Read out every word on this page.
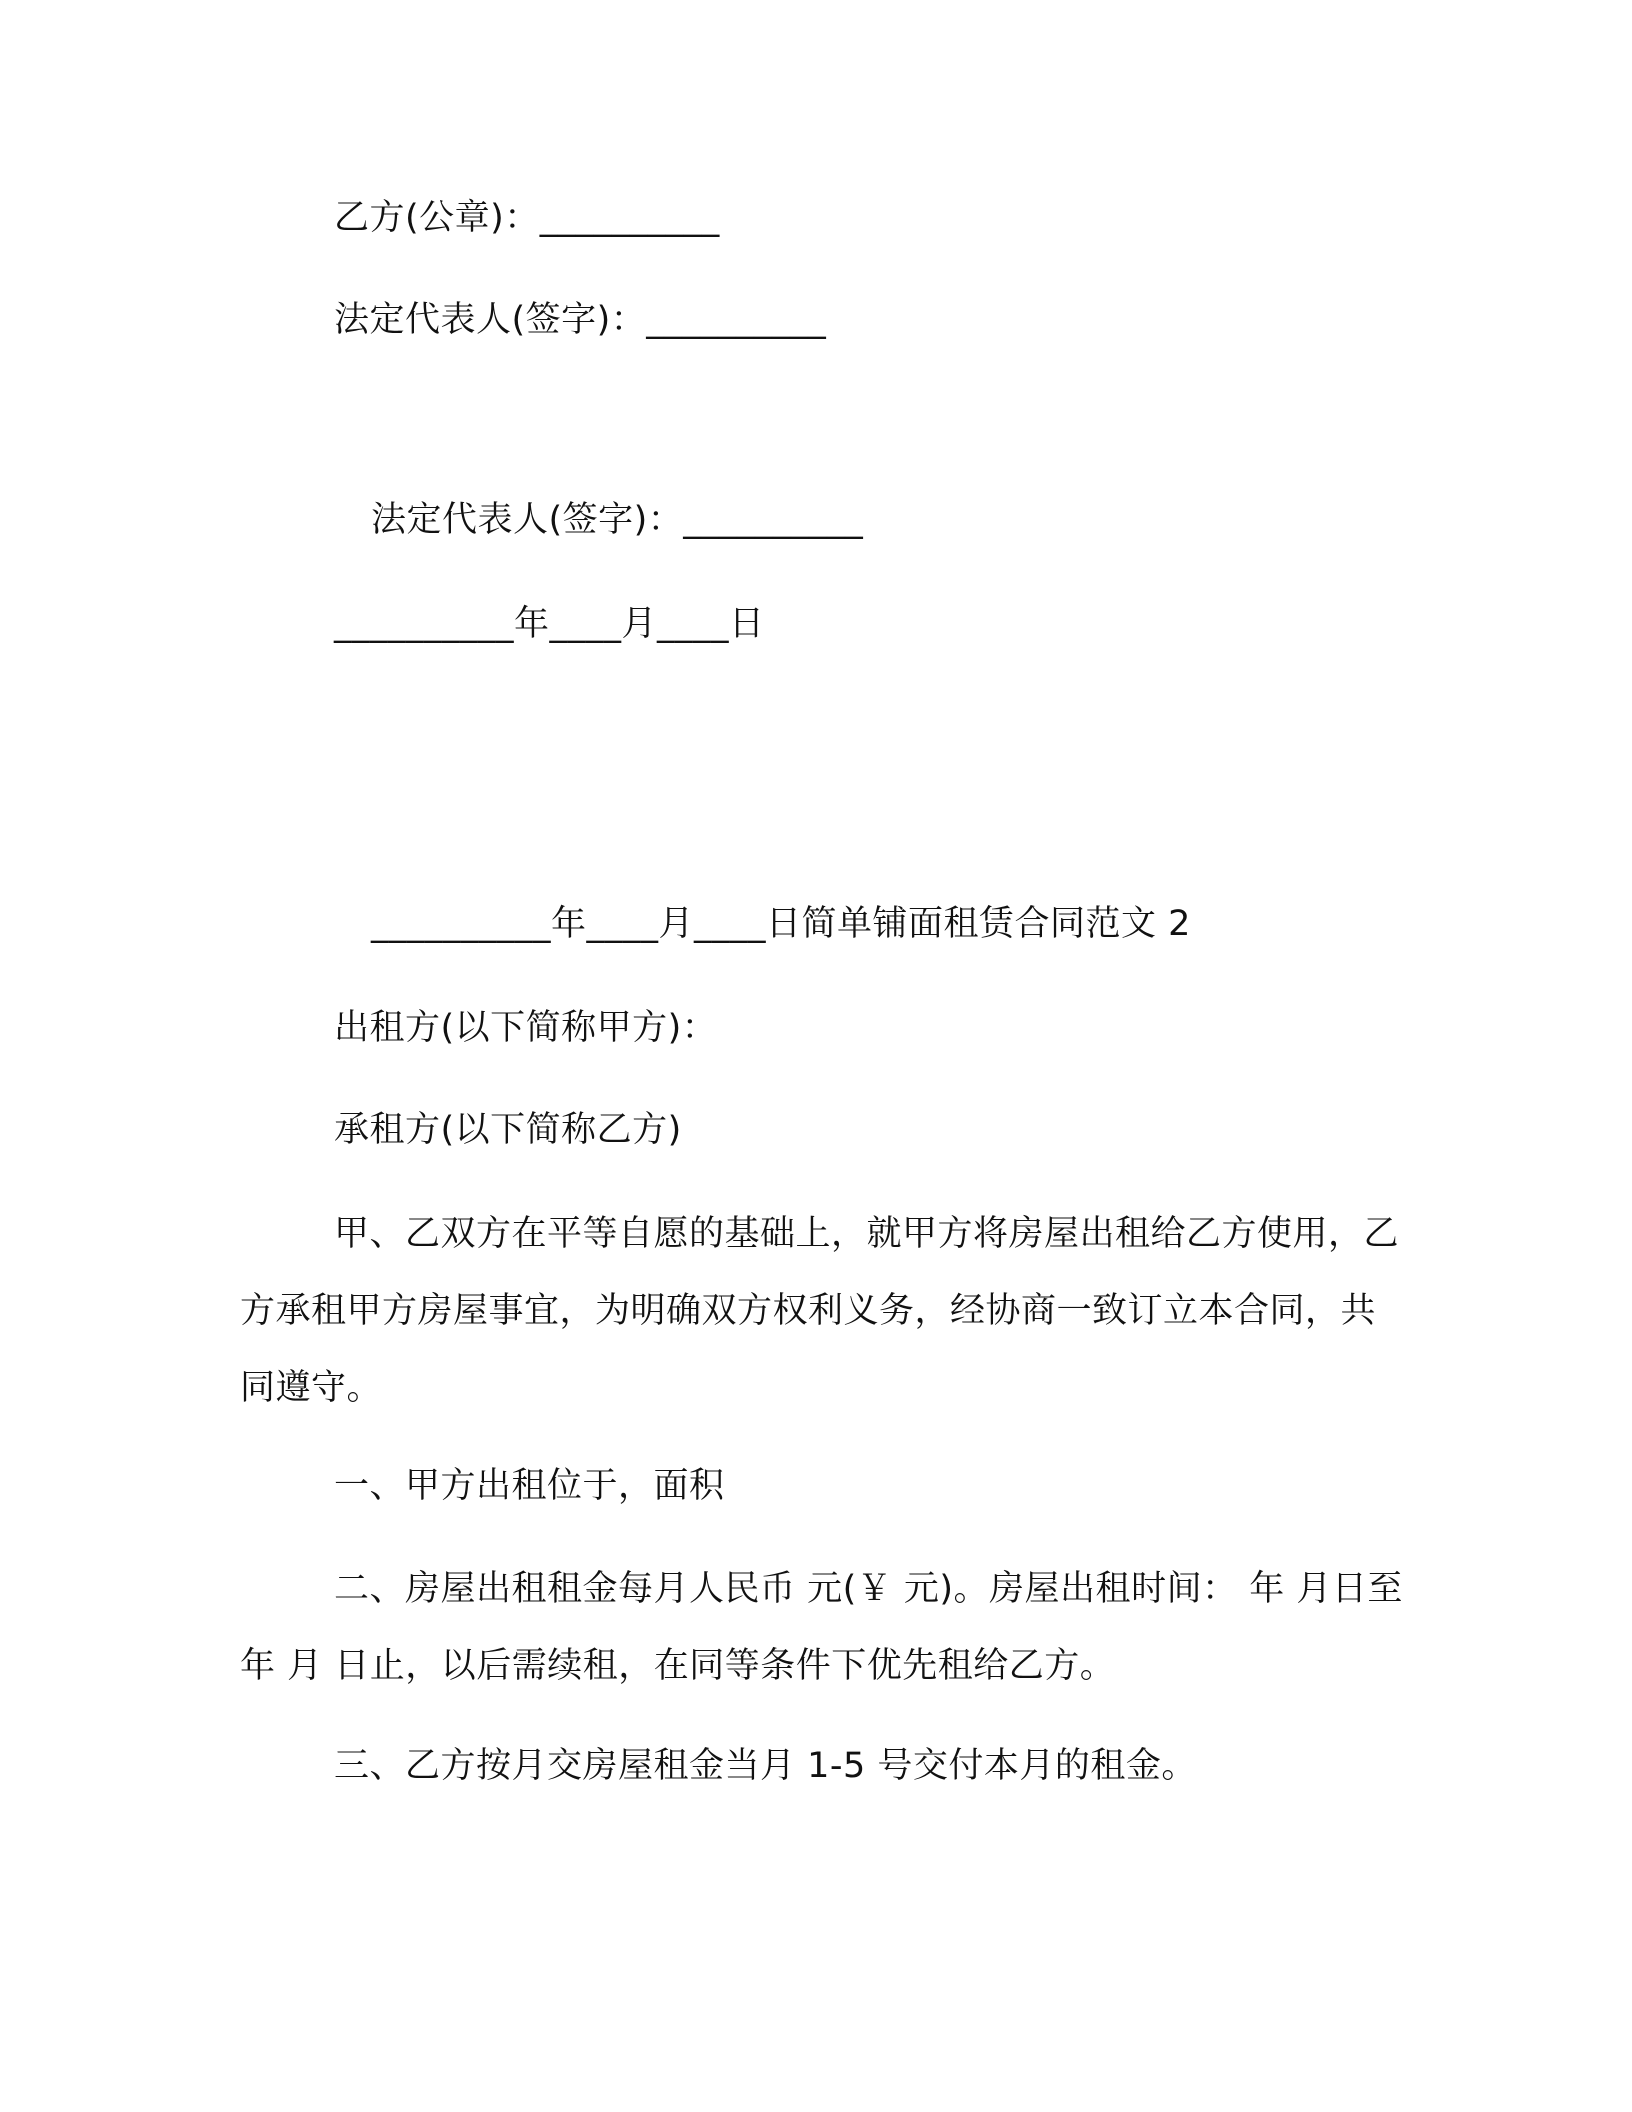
乙方(公章)：__________
法定代表人(签字)：__________
法定代表人(签字)：__________
__________年____月____日
__________年____月____日简单铺面租赁合同范文 2
出租方(以下简称甲方)：
承租方(以下简称乙方)

甲、乙双方在平等自愿的基础上，就甲方将房屋出租给乙方使用，乙方承租甲方房屋事宜，为明确双方权利义务，经协商一致订立本合同，共同遵守。

一、甲方出租位于，面积

二、房屋出租租金每月人民币 元(￥ 元)。房屋出租时间： 年 月日至 年 月 日止，以后需续租，在同等条件下优先租给乙方。

三、乙方按月交房屋租金当月 1-5 号交付本月的租金。
